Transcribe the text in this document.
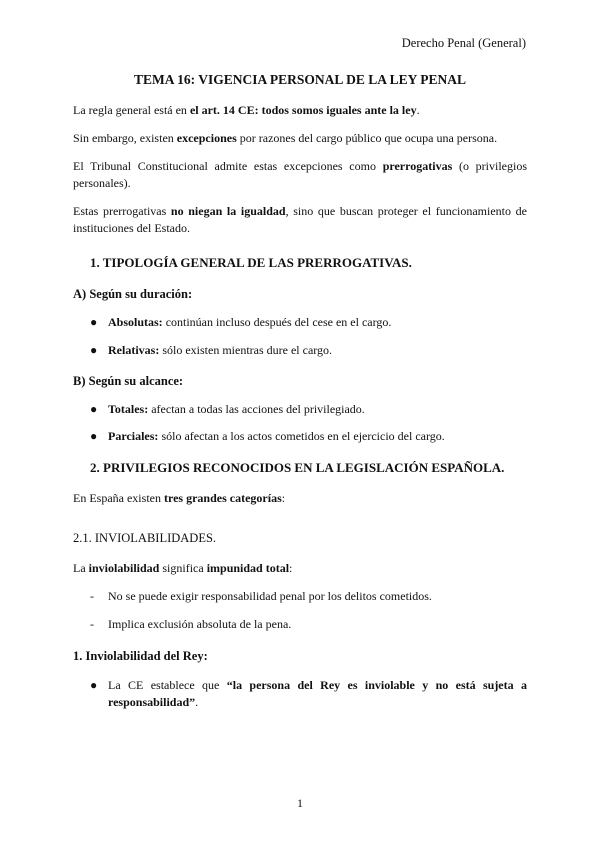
Derecho Penal (General)
TEMA 16: VIGENCIA PERSONAL DE LA LEY PENAL
La regla general está en el art. 14 CE: todos somos iguales ante la ley.
Sin embargo, existen excepciones por razones del cargo público que ocupa una persona.
El Tribunal Constitucional admite estas excepciones como prerrogativas (o privilegios personales).
Estas prerrogativas no niegan la igualdad, sino que buscan proteger el funcionamiento de instituciones del Estado.
1. TIPOLOGÍA GENERAL DE LAS PRERROGATIVAS.
A) Según su duración:
● Absolutas: continúan incluso después del cese en el cargo.
● Relativas: sólo existen mientras dure el cargo.
B) Según su alcance:
● Totales: afectan a todas las acciones del privilegiado.
● Parciales: sólo afectan a los actos cometidos en el ejercicio del cargo.
2. PRIVILEGIOS RECONOCIDOS EN LA LEGISLACIÓN ESPAÑOLA.
En España existen tres grandes categorías:
2.1. INVIOLABILIDADES.
La inviolabilidad significa impunidad total:
- No se puede exigir responsabilidad penal por los delitos cometidos.
- Implica exclusión absoluta de la pena.
1. Inviolabilidad del Rey:
● La CE establece que “la persona del Rey es inviolable y no está sujeta a responsabilidad”.
1
